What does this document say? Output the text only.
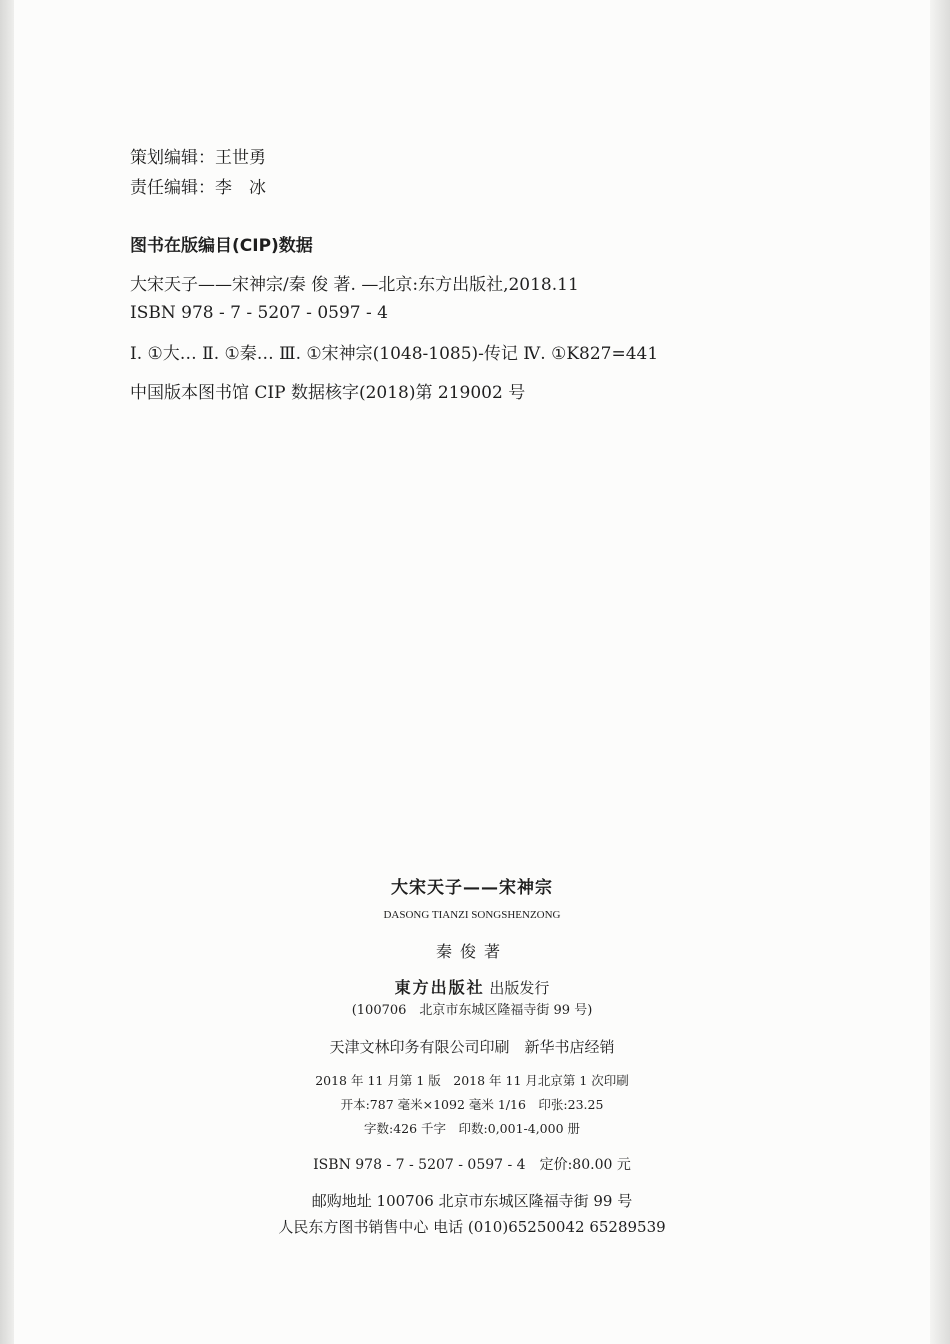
策划编辑：王世勇
责任编辑：李　冰
图书在版编目(CIP)数据
大宋天子——宋神宗/秦 俊 著. —北京:东方出版社,2018.11
ISBN 978 - 7 - 5207 - 0597 - 4
Ⅰ. ①大… Ⅱ. ①秦… Ⅲ. ①宋神宗(1048-1085)-传记 Ⅳ. ①K827=441
中国版本图书馆 CIP 数据核字(2018)第 219002 号
大宋天子——宋神宗
DASONG TIANZI SONGSHENZONG
秦俊著
東方出版社 出版发行
(100706　北京市东城区隆福寺街 99 号)
天津文林印务有限公司印刷　新华书店经销
2018 年 11 月第 1 版　2018 年 11 月北京第 1 次印刷
开本:787 毫米×1092 毫米 1/16　印张:23.25
字数:426 千字　印数:0,001-4,000 册
ISBN 978 - 7 - 5207 - 0597 - 4　定价:80.00 元
邮购地址 100706 北京市东城区隆福寺街 99 号
人民东方图书销售中心 电话 (010)65250042 65289539
